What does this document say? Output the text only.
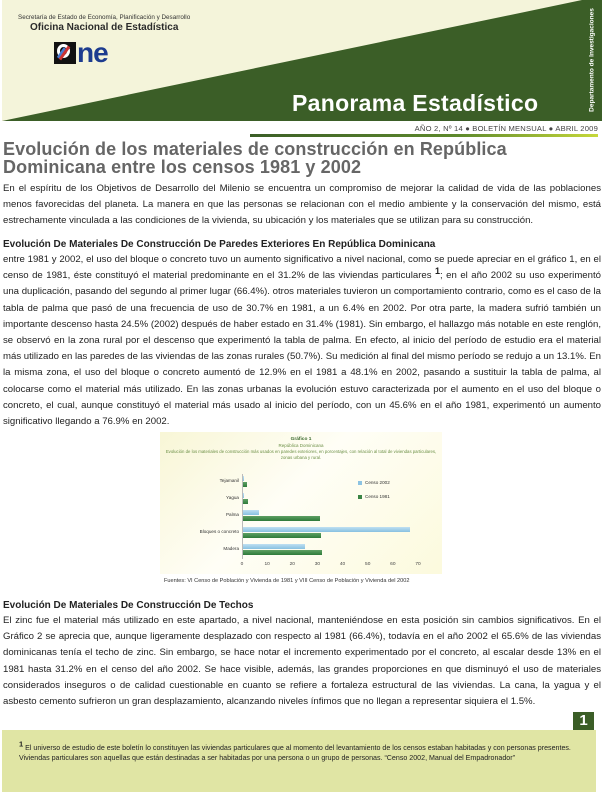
Secretaría de Estado de Economía, Planificación y Desarrollo
Oficina Nacional de Estadística
ne
Panorama Estadístico	Departamento de Investigaciones
AÑO 2, Nº 14 ● BOLETÍN MENSUAL ● ABRIL 2009
Evolución de los materiales de construcción en República Dominicana entre los censos 1981 y 2002
En el espíritu de los Objetivos de Desarrollo del Milenio se encuentra un compromiso de mejorar la calidad de vida de las poblaciones menos favorecidas del planeta. La manera en que las personas se relacionan con el medio ambiente y la conservación del mismo, está estrechamente vinculada a las condiciones de la vivienda, su ubicación y los materiales que se utilizan para su construcción.
Evolución De Materiales De Construcción De Paredes Exteriores En República Dominicana
entre 1981 y 2002, el uso del bloque o concreto tuvo un aumento significativo a nivel nacional, como se puede apreciar en el gráfico 1, en el censo de 1981, éste constituyó el material predominante en el 31.2% de las viviendas particulares $^1$; en el año 2002 su uso experimentó una duplicación, pasando del segundo al primer lugar (66.4%). otros materiales tuvieron un comportamiento contrario, como es el caso de la tabla de palma que pasó de una frecuencia de uso de 30.7% en 1981, a un 6.4% en 2002. Por otra parte, la madera sufrió también un importante descenso hasta 24.5% (2002) después de haber estado en 31.4% (1981). Sin embargo, el hallazgo más notable en este renglón, se observó en la zona rural por el descenso que experimentó la tabla de palma. En efecto, al inicio del período de estudio era el material más utilizado en las paredes de las viviendas de las zonas rurales (50.7%). Su medición al final del mismo período se redujo a un 13.1%. En la misma zona, el uso del bloque o concreto aumentó de 12.9% en el 1981 a 48.1% en 2002, pasando a sustituir la tabla de palma, al colocarse como el material más utilizado. En las zonas urbanas la evolución estuvo caracterizada por el aumento en el uso del bloque o concreto, el cual, aunque constituyó el material más usado al inicio del período, con un 45.6% en el año 1981, experimentó un aumento significativo llegando a 76.9% en 2002.
Gráfico 1
República Dominicana
Evolución de los materiales de construcción más usados en paredes exteriores, en porcentajes, con relación al total de viviendas particulares, zonas urbana y rural.
Tejamanil
Yagua
Palma
Bloques o concreto
Madera
0	10	20	30	40	50	60	70
Censo 2002
Censo 1981
Fuentes: VI Censo de Población y Vivienda de 1981 y VIII Censo de Población y Vivienda del 2002
Evolución De Materiales De Construcción De Techos
El zinc fue el material más utilizado en este apartado, a nivel nacional, manteniéndose en esta posición sin cambios significativos. En el Gráfico 2 se aprecia que, aunque ligeramente desplazado con respecto al 1981 (66.4%), todavía en el año 2002 el 65.6% de las viviendas dominicanas tenía el techo de zinc. Sin embargo, se hace notar el incremento experimentado por el concreto, al escalar desde 13% en el 1981 hasta 31.2% en el censo del año 2002. Se hace visible, además, las grandes proporciones en que disminuyó el uso de materiales considerados inseguros o de calidad cuestionable en cuanto se refiere a fortaleza estructural de las viviendas. La cana, la yagua y el asbesto cemento sufrieron un gran desplazamiento, alcanzando niveles ínfimos que no llegan a representar siquiera el 1.5%.
1

$^1$ El universo de estudio de este boletín lo constituyen las viviendas particulares que al momento del levantamiento de los censos estaban habitadas y con personas presentes. Viviendas particulares son aquellas que están destinadas a ser habitadas por una persona o un grupo de personas. “Censo 2002, Manual del Empadronador”
